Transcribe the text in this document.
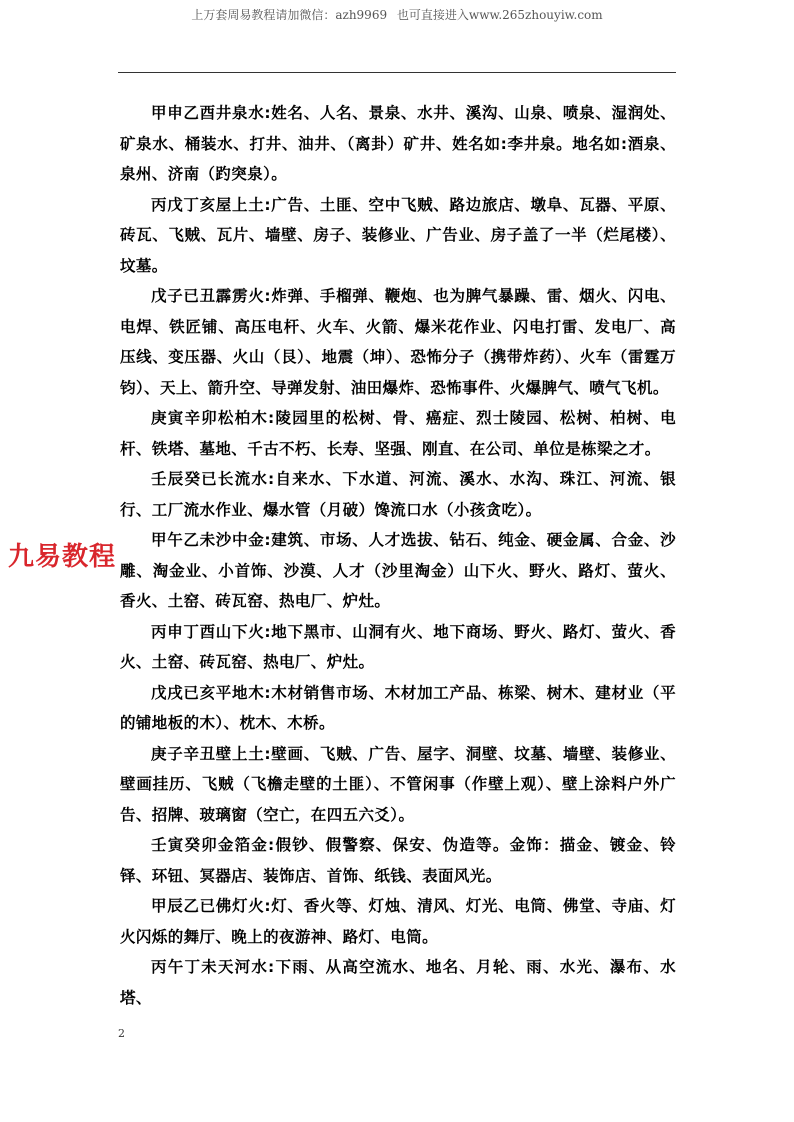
上万套周易教程请加微信：azh9969 也可直接进入www.265zhouyiw.com

甲申乙酉井泉水:姓名、人名、景泉、水井、溪沟、山泉、喷泉、湿润处、矿泉水、桶装水、打井、油井、（离卦）矿井、姓名如:李井泉。地名如:酒泉、泉州、济南（趵突泉）。

丙戊丁亥屋上土:广告、土匪、空中飞贼、路边旅店、墩阜、瓦器、平原、砖瓦、飞贼、瓦片、墙壁、房子、装修业、广告业、房子盖了一半（烂尾楼）、坟墓。

戊子已丑霹雳火:炸弹、手榴弹、鞭炮、也为脾气暴躁、雷、烟火、闪电、电焊、铁匠铺、高压电杆、火车、火箭、爆米花作业、闪电打雷、发电厂、高压线、变压器、火山（艮）、地震（坤）、恐怖分子（携带炸药）、火车（雷霆万钧）、天上、箭升空、导弹发射、油田爆炸、恐怖事件、火爆脾气、喷气飞机。

庚寅辛卯松柏木:陵园里的松树、骨、癌症、烈士陵园、松树、柏树、电杆、铁塔、墓地、千古不朽、长寿、坚强、刚直、在公司、单位是栋梁之才。

壬辰癸已长流水:自来水、下水道、河流、溪水、水沟、珠江、河流、银行、工厂流水作业、爆水管（月破）馋流口水（小孩贪吃）。

甲午乙未沙中金:建筑、市场、人才选拔、钻石、纯金、硬金属、合金、沙雕、淘金业、小首饰、沙漠、人才（沙里淘金）山下火、野火、路灯、萤火、香火、土窑、砖瓦窑、热电厂、炉灶。

丙申丁酉山下火:地下黑市、山洞有火、地下商场、野火、路灯、萤火、香火、土窑、砖瓦窑、热电厂、炉灶。

戊戌已亥平地木:木材销售市场、木材加工产品、栋梁、树木、建材业（平的铺地板的木）、枕木、木桥。

庚子辛丑壁上土:壁画、飞贼、广告、屋字、洞壁、坟墓、墙壁、装修业、壁画挂历、飞贼（飞檐走壁的土匪）、不管闲事（作壁上观）、壁上涂料户外广告、招牌、玻璃窗（空亡，在四五六爻）。

壬寅癸卯金箔金:假钞、假警察、保安、伪造等。金饰：描金、镀金、铃铎、环钮、冥器店、装饰店、首饰、纸钱、表面风光。

甲辰乙已佛灯火:灯、香火等、灯烛、清风、灯光、电筒、佛堂、寺庙、灯火闪烁的舞厅、晚上的夜游神、路灯、电筒。

丙午丁未天河水:下雨、从高空流水、地名、月轮、雨、水光、瀑布、水塔、

九易教程
2
